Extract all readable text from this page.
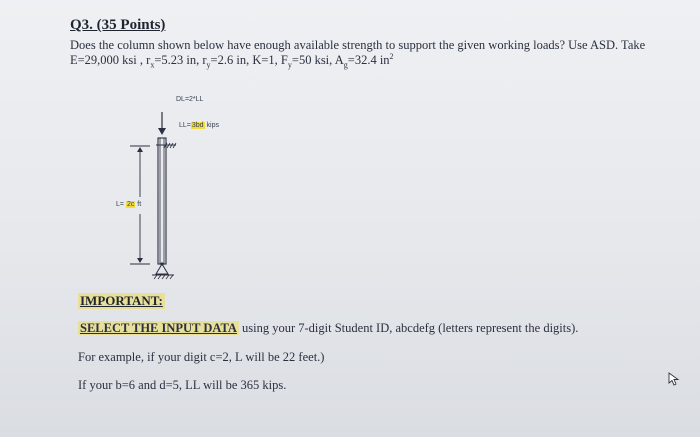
Q3. (35 Points)

Does the column shown below have enough available strength to support the given working loads? Use ASD. Take

E=29,000 ksi , $r_x=5.23$ in, $r_y=2.6$ in, K=1, $F_y=50$ ksi, $A_g=32.4$ $in^2$

DL=2*LL
LL=3bd kips
L= 2c ft

IMPORTANT:

SELECT THE INPUT DATA using your 7-digit Student ID, abcdefg (letters represent the digits).

For example, if your digit c=2, L will be 22 feet.)

If your b=6 and d=5, LL will be 365 kips.
